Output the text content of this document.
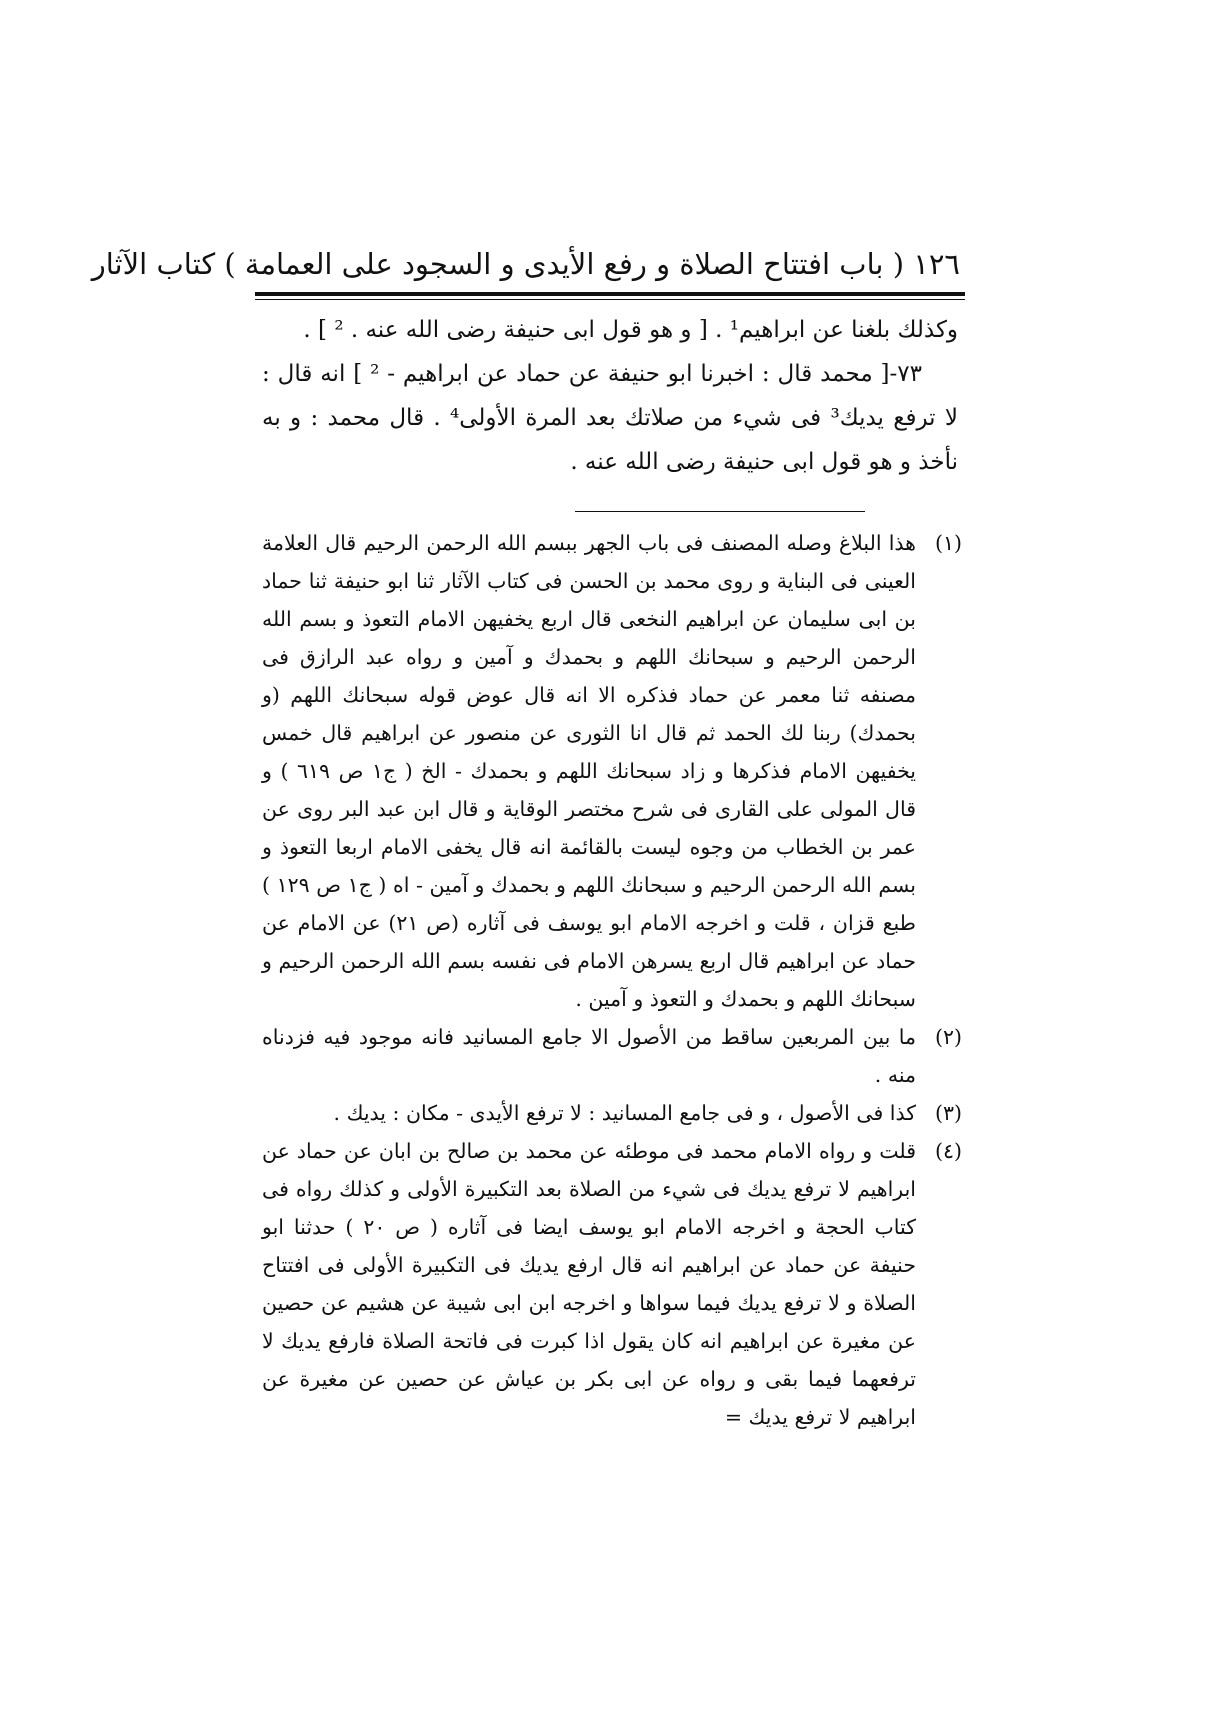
١٢٦ ( باب افتتاح الصلاة و رفع الأيدى و السجود على العمامة ) كتاب الآثار

وكذلك بلغنا عن ابراهيم¹ . [ و هو قول ابى حنيفة رضى الله عنه . ² ] .

٧٣-[ محمد قال : اخبرنا ابو حنيفة عن حماد عن ابراهيم - ² ] انه قال : لا ترفع يديك³ فى شيء من صلاتك بعد المرة الأولى⁴ . قال محمد : و به نأخذ و هو قول ابى حنيفة رضى الله عنه .

(١)
هذا البلاغ وصله المصنف فى باب الجهر ببسم الله الرحمن الرحيم قال العلامة العينى فى البناية و روى محمد بن الحسن فى كتاب الآثار ثنا ابو حنيفة ثنا حماد بن ابى سليمان عن ابراهيم النخعى قال اربع يخفيهن الامام التعوذ و بسم الله الرحمن الرحيم و سبحانك اللهم و بحمدك و آمين و رواه عبد الرازق فى مصنفه ثنا معمر عن حماد فذكره الا انه قال عوض قوله سبحانك اللهم (و بحمدك) ربنا لك الحمد ثم قال انا الثورى عن منصور عن ابراهيم قال خمس يخفيهن الامام فذكرها و زاد سبحانك اللهم و بحمدك - الخ ( ج١ ص ٦١٩ ) و قال المولى على القارى فى شرح مختصر الوقاية و قال ابن عبد البر روى عن عمر بن الخطاب من وجوه ليست بالقائمة انه قال يخفى الامام اربعا التعوذ و بسم الله الرحمن الرحيم و سبحانك اللهم و بحمدك و آمين - اه ( ج١ ص ١٢٩ ) طبع قزان ، قلت و اخرجه الامام ابو يوسف فى آثاره (ص ٢١) عن الامام عن حماد عن ابراهيم قال اربع يسرهن الامام فى نفسه بسم الله الرحمن الرحيم و سبحانك اللهم و بحمدك و التعوذ و آمين .
(٢)
ما بين المربعين ساقط من الأصول الا جامع المسانيد فانه موجود فيه فزدناه منه .
(٣)
كذا فى الأصول ، و فى جامع المسانيد : لا ترفع الأيدى - مكان : يديك .
(٤)
قلت و رواه الامام محمد فى موطئه عن محمد بن صالح بن ابان عن حماد عن ابراهيم لا ترفع يديك فى شيء من الصلاة بعد التكبيرة الأولى و كذلك رواه فى كتاب الحجة و اخرجه الامام ابو يوسف ايضا فى آثاره ( ص ٢٠ ) حدثنا ابو حنيفة عن حماد عن ابراهيم انه قال ارفع يديك فى التكبيرة الأولى فى افتتاح الصلاة و لا ترفع يديك فيما سواها و اخرجه ابن ابى شيبة عن هشيم عن حصين عن مغيرة عن ابراهيم انه كان يقول اذا كبرت فى فاتحة الصلاة فارفع يديك لا ترفعهما فيما بقى و رواه عن ابى بكر بن عياش عن حصين عن مغيرة عن ابراهيم لا ترفع يديك =
